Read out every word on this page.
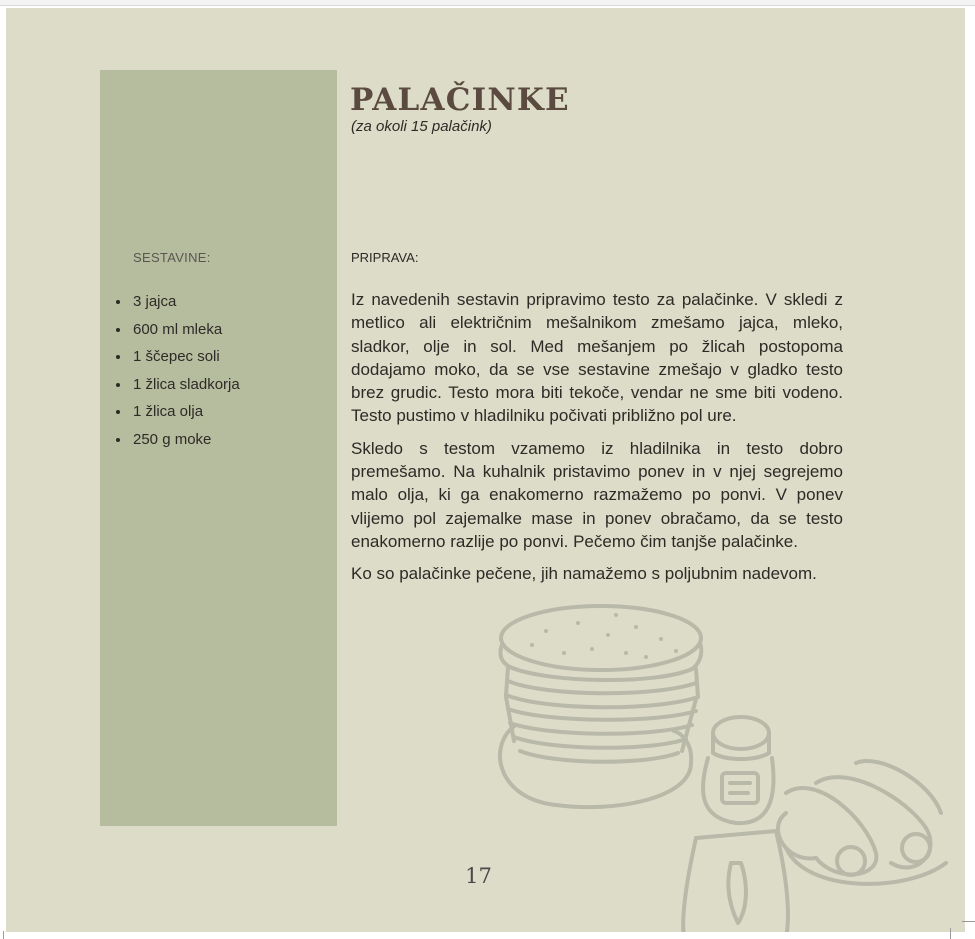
SESTAVINE:
3 jajca
600 ml mleka
1 ščepec soli
1 žlica sladkorja
1 žlica olja
250 g moke
PALAČINKE
(za okoli 15 palačink)
PRIPRAVA:

Iz navedenih sestavin pripravimo testo za palačinke. V skledi z metlico ali električnim mešalnikom zmešamo jajca, mleko, sladkor, olje in sol. Med mešanjem po žlicah postopoma dodajamo moko, da se vse sestavine zmešajo v gladko testo brez grudic. Testo mora biti tekoče, vendar ne sme biti vodeno. Testo pustimo v hladilniku počivati približno pol ure.

Skledo s testom vzamemo iz hladilnika in testo dobro premešamo. Na kuhalnik pristavimo ponev in v njej segrejemo malo olja, ki ga enakomerno razmažemo po ponvi. V ponev vlijemo pol zajemalke mase in ponev obračamo, da se testo enakomerno razlije po ponvi. Pečemo čim tanjše palačinke.

Ko so palačinke pečene, jih namažemo s poljubnim nadevom.

17
